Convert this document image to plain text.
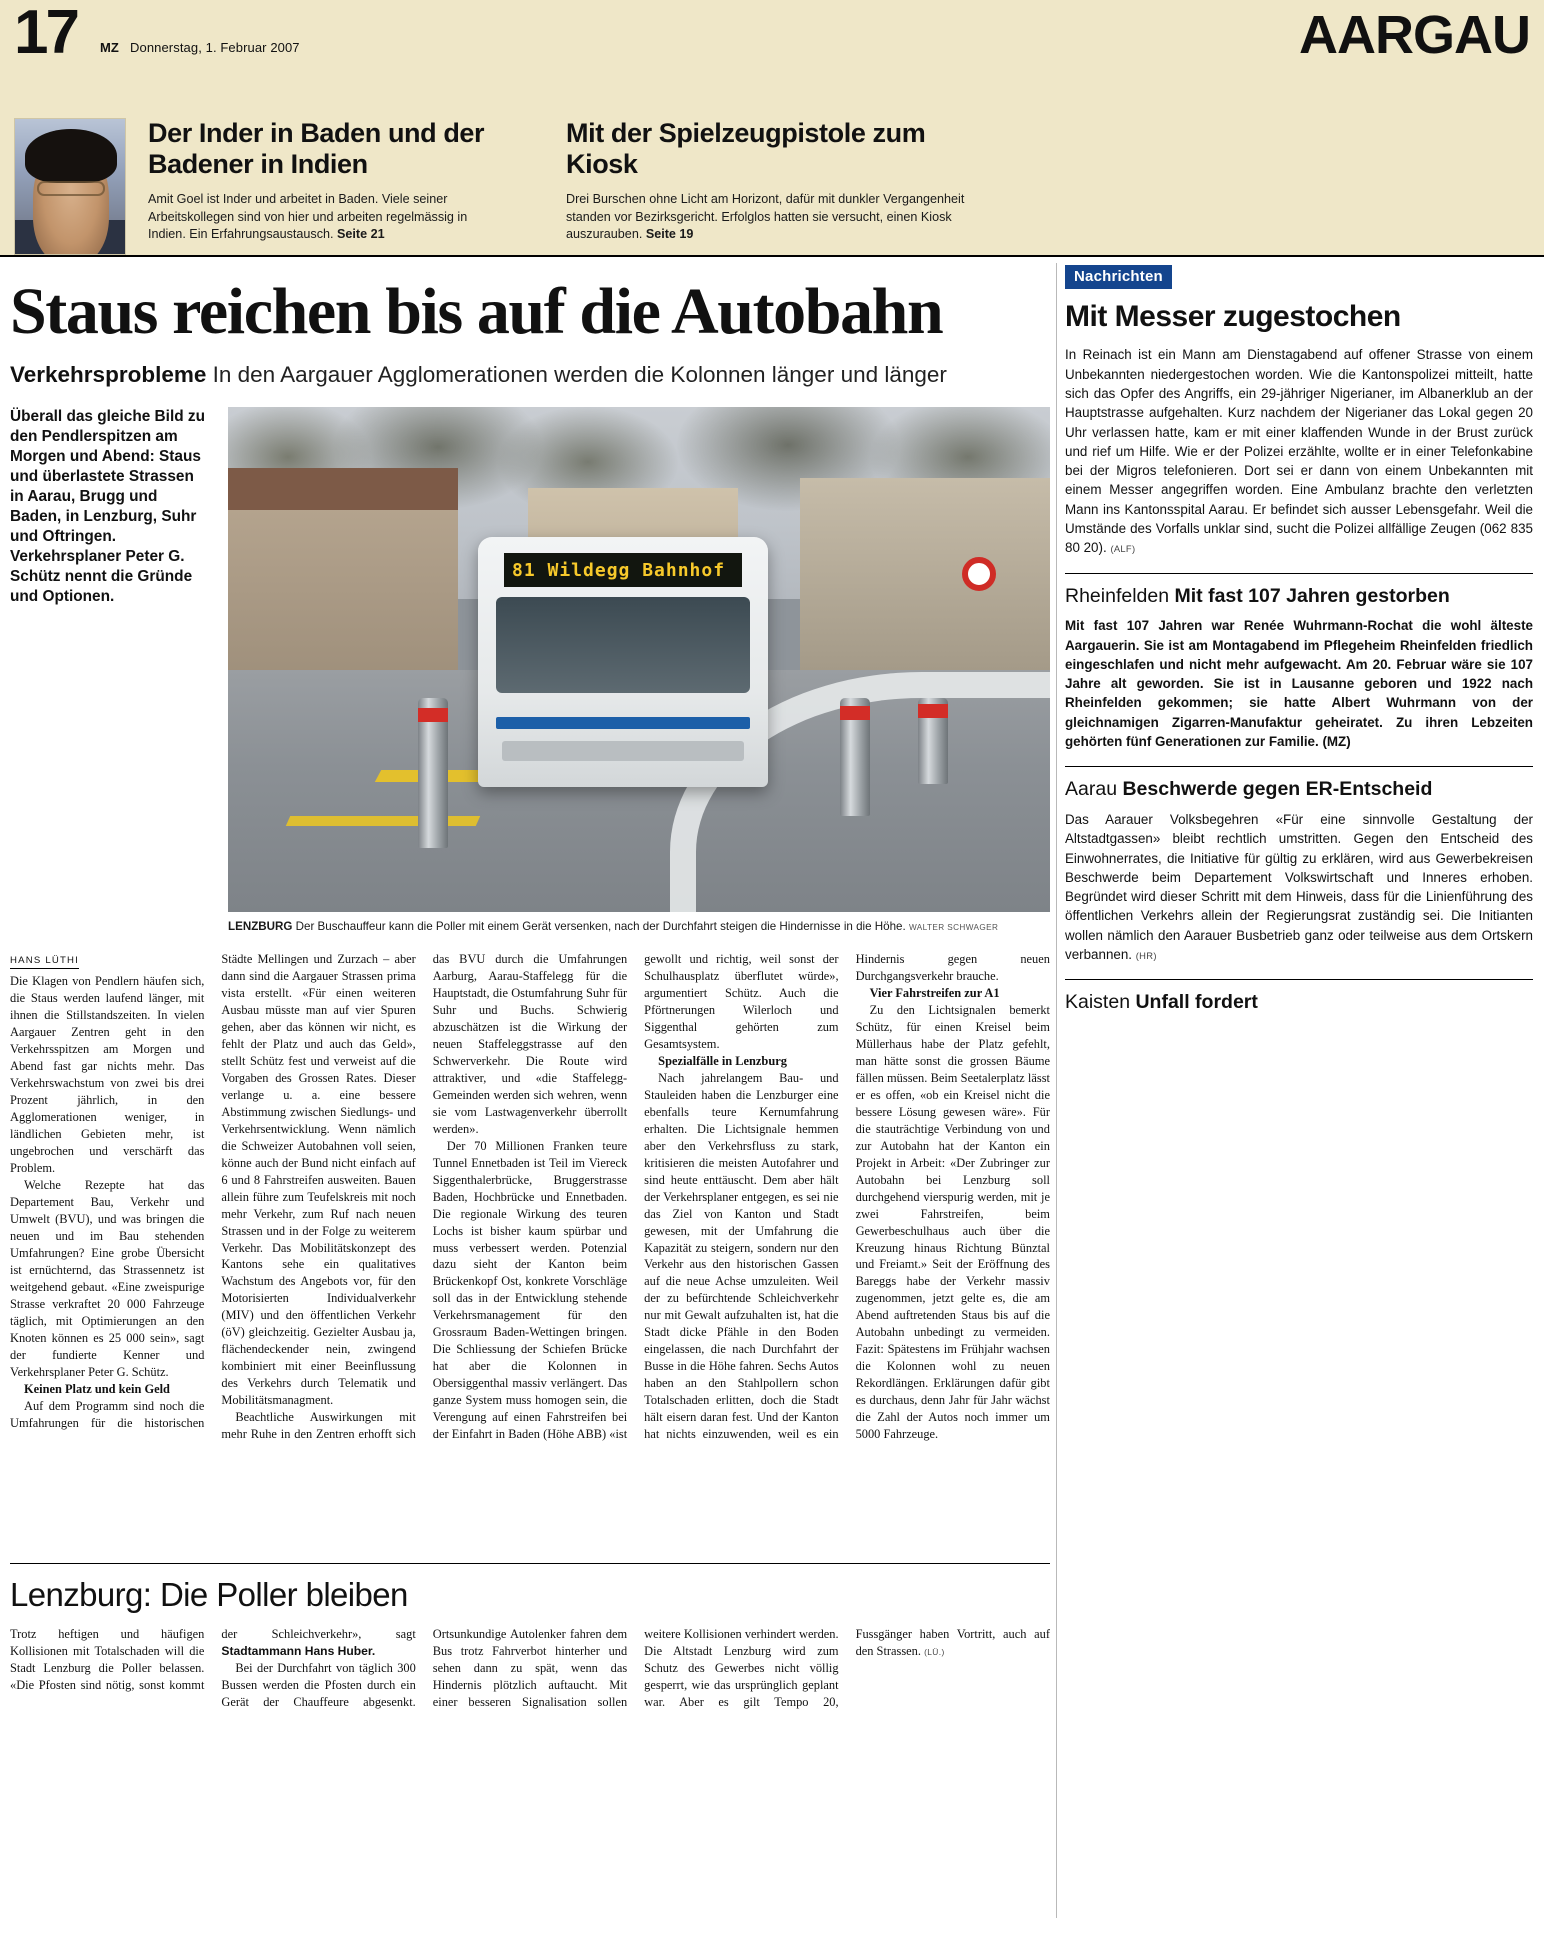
17 MZ Donnerstag, 1. Februar 2007	AARGAU
Der Inder in Baden und der Badener in Indien

Amit Goel ist Inder und arbeitet in Baden. Viele seiner Arbeitskollegen sind von hier und arbeiten regelmässig in Indien. Ein Erfahrungsaustausch. Seite 21

Mit der Spielzeugpistole zum Kiosk

Drei Burschen ohne Licht am Horizont, dafür mit dunkler Vergangenheit standen vor Bezirksgericht. Erfolglos hatten sie versucht, einen Kiosk auszurauben. Seite 19

Staus reichen bis auf die Autobahn
Verkehrsprobleme In den Aargauer Agglomerationen werden die Kolonnen länger und länger
Überall das gleiche Bild zu den Pendlerspitzen am Morgen und Abend: Staus und überlastete Strassen in Aarau, Brugg und Baden, in Lenzburg, Suhr und Oftringen. Verkehrsplaner Peter G. Schütz nennt die Gründe und Optionen.
81 Wildegg Bahnhof
LENZBURG Der Buschauffeur kann die Poller mit einem Gerät versenken, nach der Durchfahrt steigen die Hindernisse in die Höhe. WALTER SCHWAGER

HANS LÜTHI

Die Klagen von Pendlern häufen sich, die Staus werden laufend länger, mit ihnen die Stillstandszeiten. In vielen Aargauer Zentren geht in den Verkehrsspitzen am Morgen und Abend fast gar nichts mehr. Das Verkehrswachstum von zwei bis drei Prozent jährlich, in den Agglomerationen weniger, in ländlichen Gebieten mehr, ist ungebrochen und verschärft das Problem.

Welche Rezepte hat das Departement Bau, Verkehr und Umwelt (BVU), und was bringen die neuen und im Bau stehenden Umfahrungen? Eine grobe Übersicht ist ernüchternd, das Strassennetz ist weitgehend gebaut. «Eine zweispurige Strasse verkraftet 20 000 Fahrzeuge täglich, mit Optimierungen an den Knoten können es 25 000 sein», sagt der fundierte Kenner und Verkehrsplaner Peter G. Schütz.

Keinen Platz und kein Geld

Auf dem Programm sind noch die Umfahrungen für die historischen Städte Mellingen und Zurzach – aber dann sind die Aargauer Strassen prima vista erstellt. «Für einen weiteren Ausbau müsste man auf vier Spuren gehen, aber das können wir nicht, es fehlt der Platz und auch das Geld», stellt Schütz fest und verweist auf die Vorgaben des Grossen Rates. Dieser verlange u. a. eine bessere Abstimmung zwischen Siedlungs- und Verkehrsentwicklung. Wenn nämlich die Schweizer Autobahnen voll seien, könne auch der Bund nicht einfach auf 6 und 8 Fahrstreifen ausweiten. Bauen allein führe zum Teufelskreis mit noch mehr Verkehr, zum Ruf nach neuen Strassen und in der Folge zu weiterem Verkehr. Das Mobilitätskonzept des Kantons sehe ein qualitatives Wachstum des Angebots vor, für den Motorisierten Individualverkehr (MIV) und den öffentlichen Verkehr (öV) gleichzeitig. Gezielter Ausbau ja, flächendeckender nein, zwingend kombiniert mit einer Beeinflussung des Verkehrs durch Telematik und Mobilitätsmanagment.

Beachtliche Auswirkungen mit mehr Ruhe in den Zentren erhofft sich das BVU durch die Umfahrungen Aarburg, Aarau-Staffelegg für die Hauptstadt, die Ostumfahrung Suhr für Suhr und Buchs. Schwierig abzuschätzen ist die Wirkung der neuen Staffeleggstrasse auf den Schwerverkehr. Die Route wird attraktiver, und «die Staffelegg-Gemeinden werden sich wehren, wenn sie vom Lastwagenverkehr überrollt werden».

Der 70 Millionen Franken teure Tunnel Ennetbaden ist Teil im Viereck Siggenthalerbrücke, Bruggerstrasse Baden, Hochbrücke und Ennetbaden. Die regionale Wirkung des teuren Lochs ist bisher kaum spürbar und muss verbessert werden. Potenzial dazu sieht der Kanton beim Brückenkopf Ost, konkrete Vorschläge soll das in der Entwicklung stehende Verkehrsmanagement für den Grossraum Baden-Wettingen bringen. Die Schliessung der Schiefen Brücke hat aber die Kolonnen in Obersiggenthal massiv verlängert. Das ganze System muss homogen sein, die Verengung auf einen Fahrstreifen bei der Einfahrt in Baden (Höhe ABB) «ist gewollt und richtig, weil sonst der Schulhausplatz überflutet würde», argumentiert Schütz. Auch die Pförtnerungen Wilerloch und Siggenthal gehörten zum Gesamtsystem.

Spezialfälle in Lenzburg

Nach jahrelangem Bau- und Stauleiden haben die Lenzburger eine ebenfalls teure Kernumfahrung erhalten. Die Lichtsignale hemmen aber den Verkehrsfluss zu stark, kritisieren die meisten Autofahrer und sind heute enttäuscht. Dem aber hält der Verkehrsplaner entgegen, es sei nie das Ziel von Kanton und Stadt gewesen, mit der Umfahrung die Kapazität zu steigern, sondern nur den Verkehr aus den historischen Gassen auf die neue Achse umzuleiten. Weil der zu befürchtende Schleichverkehr nur mit Gewalt aufzuhalten ist, hat die Stadt dicke Pfähle in den Boden eingelassen, die nach Durchfahrt der Busse in die Höhe fahren. Sechs Autos haben an den Stahlpollern schon Totalschaden erlitten, doch die Stadt hält eisern daran fest. Und der Kanton hat nichts einzuwenden, weil es ein Hindernis gegen neuen Durchgangsverkehr brauche.

Vier Fahrstreifen zur A1

Zu den Lichtsignalen bemerkt Schütz, für einen Kreisel beim Müllerhaus habe der Platz gefehlt, man hätte sonst die grossen Bäume fällen müssen. Beim Seetalerplatz lässt er es offen, «ob ein Kreisel nicht die bessere Lösung gewesen wäre». Für die stauträchtige Verbindung von und zur Autobahn hat der Kanton ein Projekt in Arbeit: «Der Zubringer zur Autobahn bei Lenzburg soll durchgehend vierspurig werden, mit je zwei Fahrstreifen, beim Gewerbeschulhaus auch über die Kreuzung hinaus Richtung Bünztal und Freiamt.» Seit der Eröffnung des Bareggs habe der Verkehr massiv zugenommen, jetzt gelte es, die am Abend auftretenden Staus bis auf die Autobahn unbedingt zu vermeiden. Fazit: Spätestens im Frühjahr wachsen die Kolonnen wohl zu neuen Rekordlängen. Erklärungen dafür gibt es durchaus, denn Jahr für Jahr wächst die Zahl der Autos noch immer um 5000 Fahrzeuge.

Lenzburg: Die Poller bleiben

Trotz heftigen und häufigen Kollisionen mit Totalschaden will die Stadt Lenzburg die Poller belassen. «Die Pfosten sind nötig, sonst kommt der Schleichverkehr», sagt Stadtammann Hans Huber.

Bei der Durchfahrt von täglich 300 Bussen werden die Pfosten durch ein Gerät der Chauffeure abgesenkt. Ortsunkundige Autolenker fahren dem Bus trotz Fahrverbot hinterher und sehen dann zu spät, wenn das Hindernis plötzlich auftaucht. Mit einer besseren Signalisation sollen weitere Kollisionen verhindert werden. Die Altstadt Lenzburg wird zum Schutz des Gewerbes nicht völlig gesperrt, wie das ursprünglich geplant war. Aber es gilt Tempo 20, Fussgänger haben Vortritt, auch auf den Strassen. (LÜ.)

Nachrichten
Mit Messer zugestochen

In Reinach ist ein Mann am Dienstagabend auf offener Strasse von einem Unbekannten niedergestochen worden. Wie die Kantonspolizei mitteilt, hatte sich das Opfer des Angriffs, ein 29-jähriger Nigerianer, im Albanerklub an der Hauptstrasse aufgehalten. Kurz nachdem der Nigerianer das Lokal gegen 20 Uhr verlassen hatte, kam er mit einer klaffenden Wunde in der Brust zurück und rief um Hilfe. Wie er der Polizei erzählte, wollte er in einer Telefonkabine bei der Migros telefonieren. Dort sei er dann von einem Unbekannten mit einem Messer angegriffen worden. Eine Ambulanz brachte den verletzten Mann ins Kantonsspital Aarau. Er befindet sich ausser Lebensgefahr. Weil die Umstände des Vorfalls unklar sind, sucht die Polizei allfällige Zeugen (062 835 80 20). (ALF)

Rheinfelden Mit fast 107 Jahren gestorben

Mit fast 107 Jahren war Renée Wuhrmann-Rochat die wohl älteste Aargauerin. Sie ist am Montagabend im Pflegeheim Rheinfelden friedlich eingeschlafen und nicht mehr aufgewacht. Am 20. Februar wäre sie 107 Jahre alt geworden. Sie ist in Lausanne geboren und 1922 nach Rheinfelden gekommen; sie hatte Albert Wuhrmann von der gleichnamigen Zigarren-Manufaktur geheiratet. Zu ihren Lebzeiten gehörten fünf Generationen zur Familie. (MZ)

Aarau Beschwerde gegen ER-Entscheid

Das Aarauer Volksbegehren «Für eine sinnvolle Gestaltung der Altstadtgassen» bleibt rechtlich umstritten. Gegen den Entscheid des Einwohnerrates, die Initiative für gültig zu erklären, wird aus Gewerbekreisen Beschwerde beim Departement Volkswirtschaft und Inneres erhoben. Begründet wird dieser Schritt mit dem Hinweis, dass für die Linienführung des öffentlichen Verkehrs allein der Regierungsrat zuständig sei. Die Initianten wollen nämlich den Aarauer Busbetrieb ganz oder teilweise aus dem Ortskern verbannen. (HR)

Kaisten Unfall fordert
